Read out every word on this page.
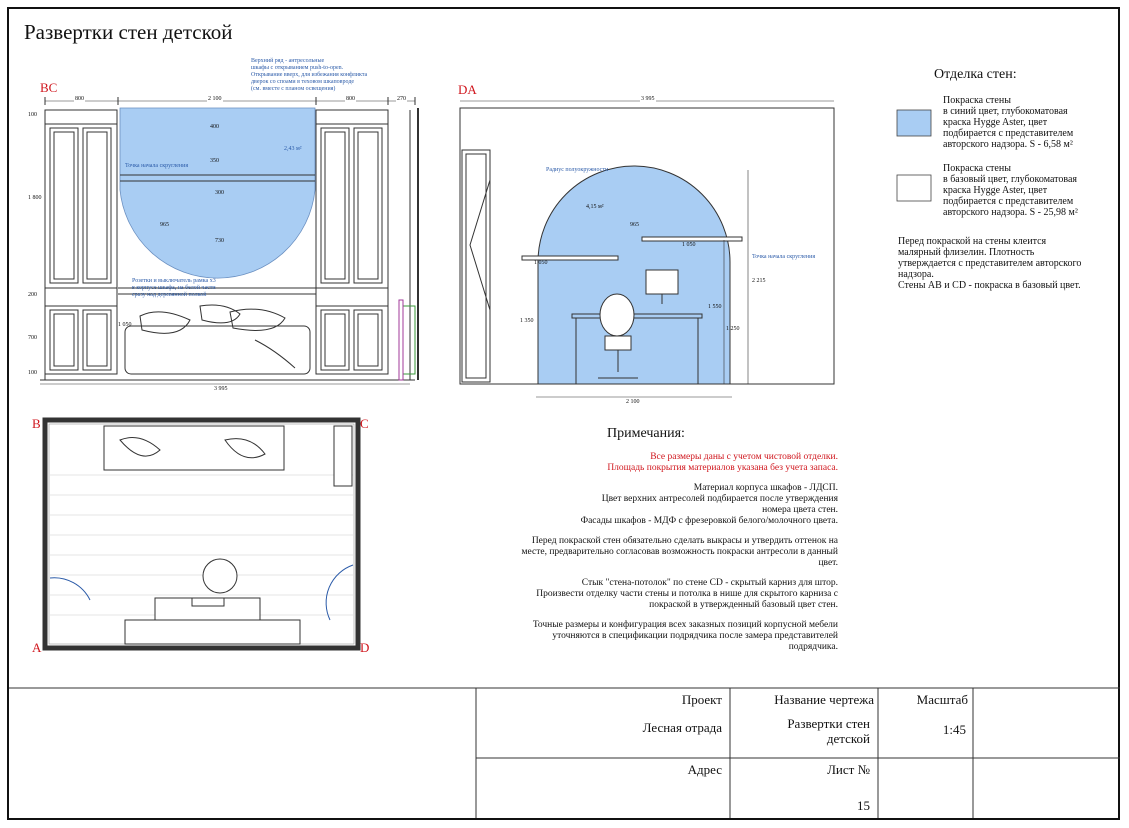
Развертки стен детской
BC
Верхний ряд - антресольные
шкафы с открыванием push-to-open.
Открывание вверх, для избежания конфликта
дверок со споами в теховом шкаповроде
(см. вместе с планом освещения)
800	2 100	800	270
3 995
2,43 м²
Точка начала скругления
Розетки и выключатель рамка х3
в корпусе шкафа, на белой части
сразу над деревянной полкой
100
1 800
200
700
100
400
350
300
965
730
1 050
DA
3 995
2 100
Радиус полуокружности
4,15 м²
1 050
1 050
Точка начала скругления
965
1 350
1 550
1 250
2 215
B	C
A	D
Отделка стен:
Покраска стены
в синий цвет, глубокоматовая
краска Hygge Aster, цвет
подбирается с представителем
авторского надзора. S - 6,58 м²
Покраска стены
в базовый цвет, глубокоматовая
краска Hygge Aster, цвет
подбирается с представителем
авторского надзора. S - 25,98 м²
Перед покраской на стены клеится
малярный флизелин. Плотность
утверждается с представителем авторского
надзора.
Стены AB и CD - покраска в базовый цвет.
Примечания:

Все размеры даны с учетом чистовой отделки.
Площадь покрытия материалов указана без учета запаса.

Материал корпуса шкафов - ЛДСП.
Цвет верхних антресолей подбирается после утверждения
номера цвета стен.
Фасады шкафов - МДФ с фрезеровкой белого/молочного цвета.

Перед покраской стен обязательно сделать выкрасы и утвердить оттенок на
месте, предварительно согласовав возможность покраски антресоли в данный
цвет.

Стык "стена-потолок" по стене CD - скрытый карниз для штор.
Произвести отделку части стены и потолка в нише для скрытого карниза с
покраской в утвержденный базовый цвет стен.

Точные размеры и конфигурация всех заказных позиций корпусной мебели
уточняются в спецификации подрядчика после замера представителей
подрядчика.

Проект
Лесная отрада
Название чертежа
Развертки стен
детской
Масштаб
1:45
Адрес	Лист №
15
